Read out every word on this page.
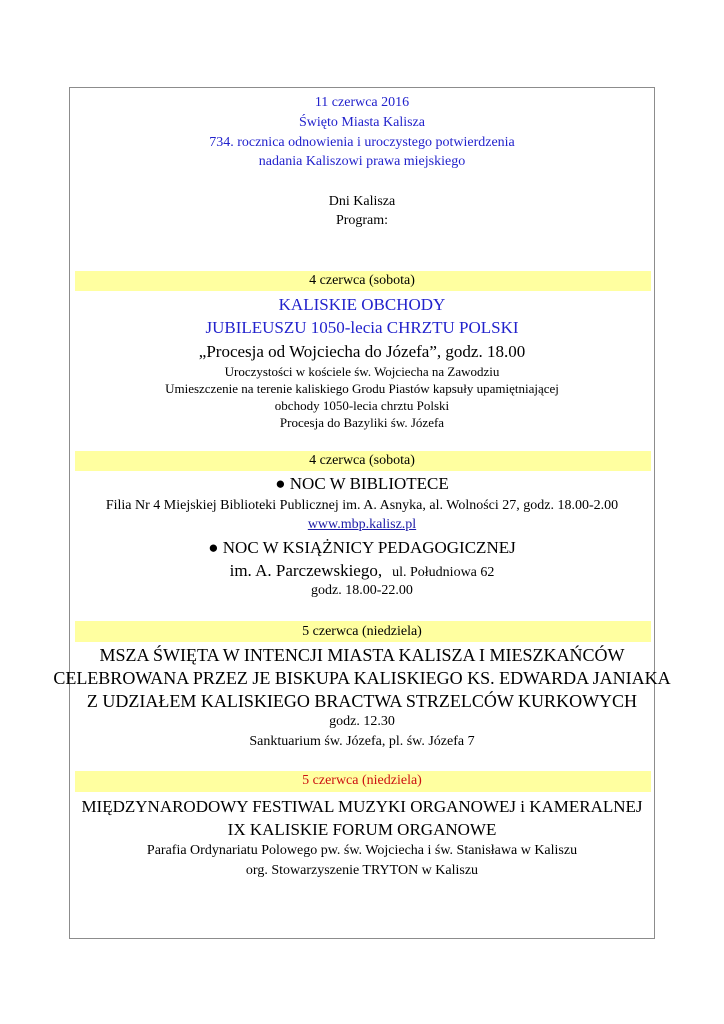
11 czerwca 2016
Święto Miasta Kalisza
734. rocznica odnowienia i uroczystego potwierdzenia
nadania Kaliszowi prawa miejskiego
Dni Kalisza
Program:
4 czerwca (sobota)
KALISKIE OBCHODY
JUBILEUSZU 1050-lecia CHRZTU POLSKI
„Procesja od Wojciecha do Józefa”, godz. 18.00
Uroczystości w kościele św. Wojciecha na Zawodziu
Umieszczenie na terenie kaliskiego Grodu Piastów kapsuły upamiętniającej
obchody 1050-lecia chrztu Polski
Procesja do Bazyliki św. Józefa
4 czerwca (sobota)
● NOC W BIBLIOTECE
Filia Nr 4 Miejskiej Biblioteki Publicznej im. A. Asnyka, al. Wolności 27, godz. 18.00-2.00
www.mbp.kalisz.pl
● NOC W KSIĄŻNICY PEDAGOGICZNEJ
im. A. Parczewskiego, ul. Południowa 62
godz. 18.00-22.00
5 czerwca (niedziela)
MSZA ŚWIĘTA W INTENCJI MIASTA KALISZA I MIESZKAŃCÓW
CELEBROWANA PRZEZ JE BISKUPA KALISKIEGO KS. EDWARDA JANIAKA
Z UDZIAŁEM KALISKIEGO BRACTWA STRZELCÓW KURKOWYCH
godz. 12.30
Sanktuarium św. Józefa, pl. św. Józefa 7
5 czerwca (niedziela)
MIĘDZYNARODOWY FESTIWAL MUZYKI ORGANOWEJ i KAMERALNEJ
IX KALISKIE FORUM ORGANOWE
Parafia Ordynariatu Polowego pw. św. Wojciecha i św. Stanisława w Kaliszu
org. Stowarzyszenie TRYTON w Kaliszu
